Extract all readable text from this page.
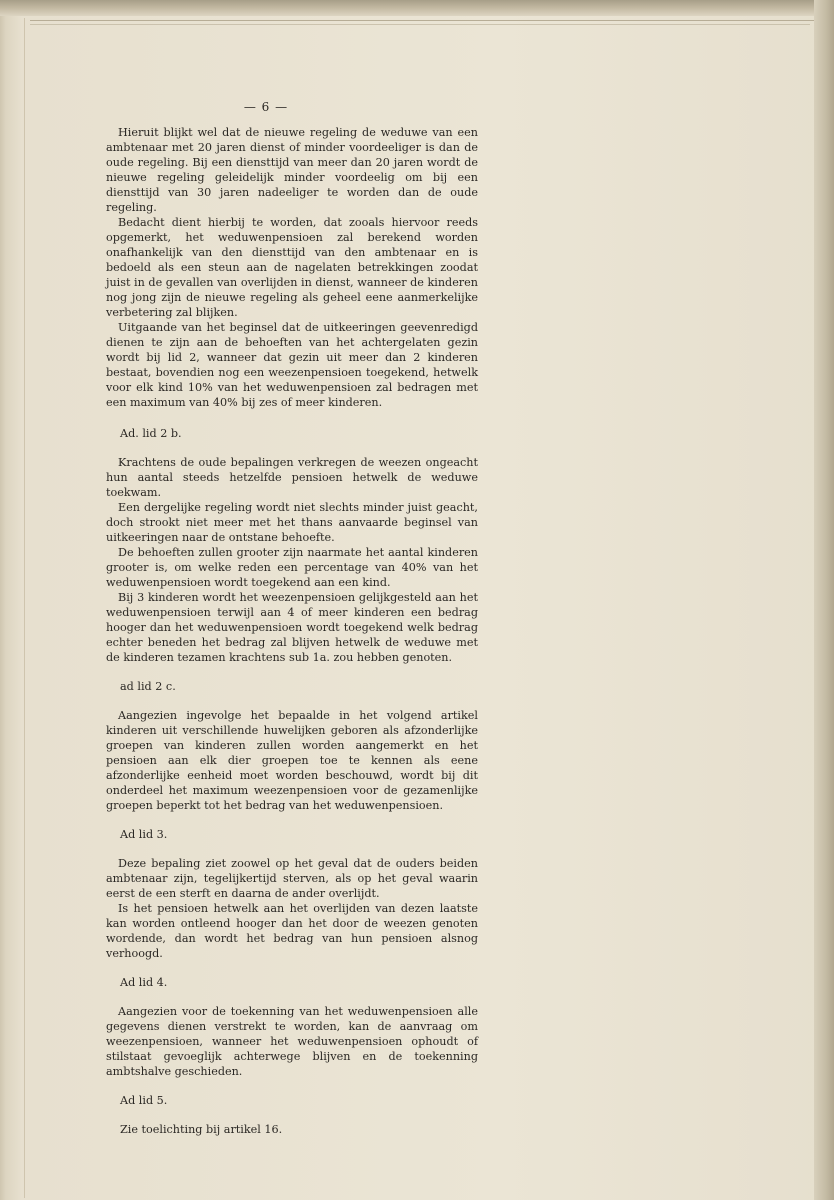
— 6 —

Hieruit blijkt wel dat de nieuwe regeling de weduwe van een ambtenaar met 20 jaren dienst of minder voordeeliger is dan de oude regeling. Bij een diensttijd van meer dan 20 jaren wordt de nieuwe regeling geleidelijk minder voordeelig om bij een diensttijd van 30 jaren nadeeliger te worden dan de oude regeling.

Bedacht dient hierbij te worden, dat zooals hiervoor reeds opgemerkt, het weduwenpensioen zal berekend worden onafhankelijk van den diensttijd van den ambtenaar en is bedoeld als een steun aan de nagelaten betrekkingen zoodat juist in de gevallen van overlijden in dienst, wanneer de kinderen nog jong zijn de nieuwe regeling als geheel eene aanmerkelijke verbetering zal blijken.

Uitgaande van het beginsel dat de uitkeeringen geevenredigd dienen te zijn aan de behoeften van het achtergelaten gezin wordt bij lid 2, wanneer dat gezin uit meer dan 2 kinderen bestaat, bovendien nog een weezenpensioen toegekend, hetwelk voor elk kind 10% van het weduwenpensioen zal bedragen met een maximum van 40% bij zes of meer kinderen.

Ad. lid 2 b.

Krachtens de oude bepalingen verkregen de weezen ongeacht hun aantal steeds hetzelfde pensioen hetwelk de weduwe toekwam.

Een dergelijke regeling wordt niet slechts minder juist geacht, doch strookt niet meer met het thans aanvaarde beginsel van uitkeeringen naar de ontstane behoefte.

De behoeften zullen grooter zijn naarmate het aantal kinderen grooter is, om welke reden een percentage van 40% van het weduwenpensioen wordt toegekend aan een kind.

Bij 3 kinderen wordt het weezenpensioen gelijkgesteld aan het weduwenpensioen terwijl aan 4 of meer kinderen een bedrag hooger dan het weduwenpensioen wordt toegekend welk bedrag echter beneden het bedrag zal blijven hetwelk de weduwe met de kinderen tezamen krachtens sub 1a. zou hebben genoten.

ad lid 2 c.

Aangezien ingevolge het bepaalde in het volgend artikel kinderen uit verschillende huwelijken geboren als afzonderlijke groepen van kinderen zullen worden aangemerkt en het pensioen aan elk dier groepen toe te kennen als eene afzonderlijke eenheid moet worden beschouwd, wordt bij dit onderdeel het maximum weezenpensioen voor de gezamenlijke groepen beperkt tot het bedrag van het weduwenpensioen.

Ad lid 3.

Deze bepaling ziet zoowel op het geval dat de ouders beiden ambtenaar zijn, tegelijkertijd sterven, als op het geval waarin eerst de een sterft en daarna de ander overlijdt.

Is het pensioen hetwelk aan het overlijden van dezen laatste kan worden ontleend hooger dan het door de weezen genoten wordende, dan wordt het bedrag van hun pensioen alsnog verhoogd.

Ad lid 4.

Aangezien voor de toekenning van het weduwenpensioen alle gegevens dienen verstrekt te worden, kan de aanvraag om weezenpensioen, wanneer het weduwenpensioen ophoudt of stilstaat gevoeglijk achterwege blijven en de toekenning ambtshalve geschieden.

Ad lid 5.

Zie toelichting bij artikel 16.
